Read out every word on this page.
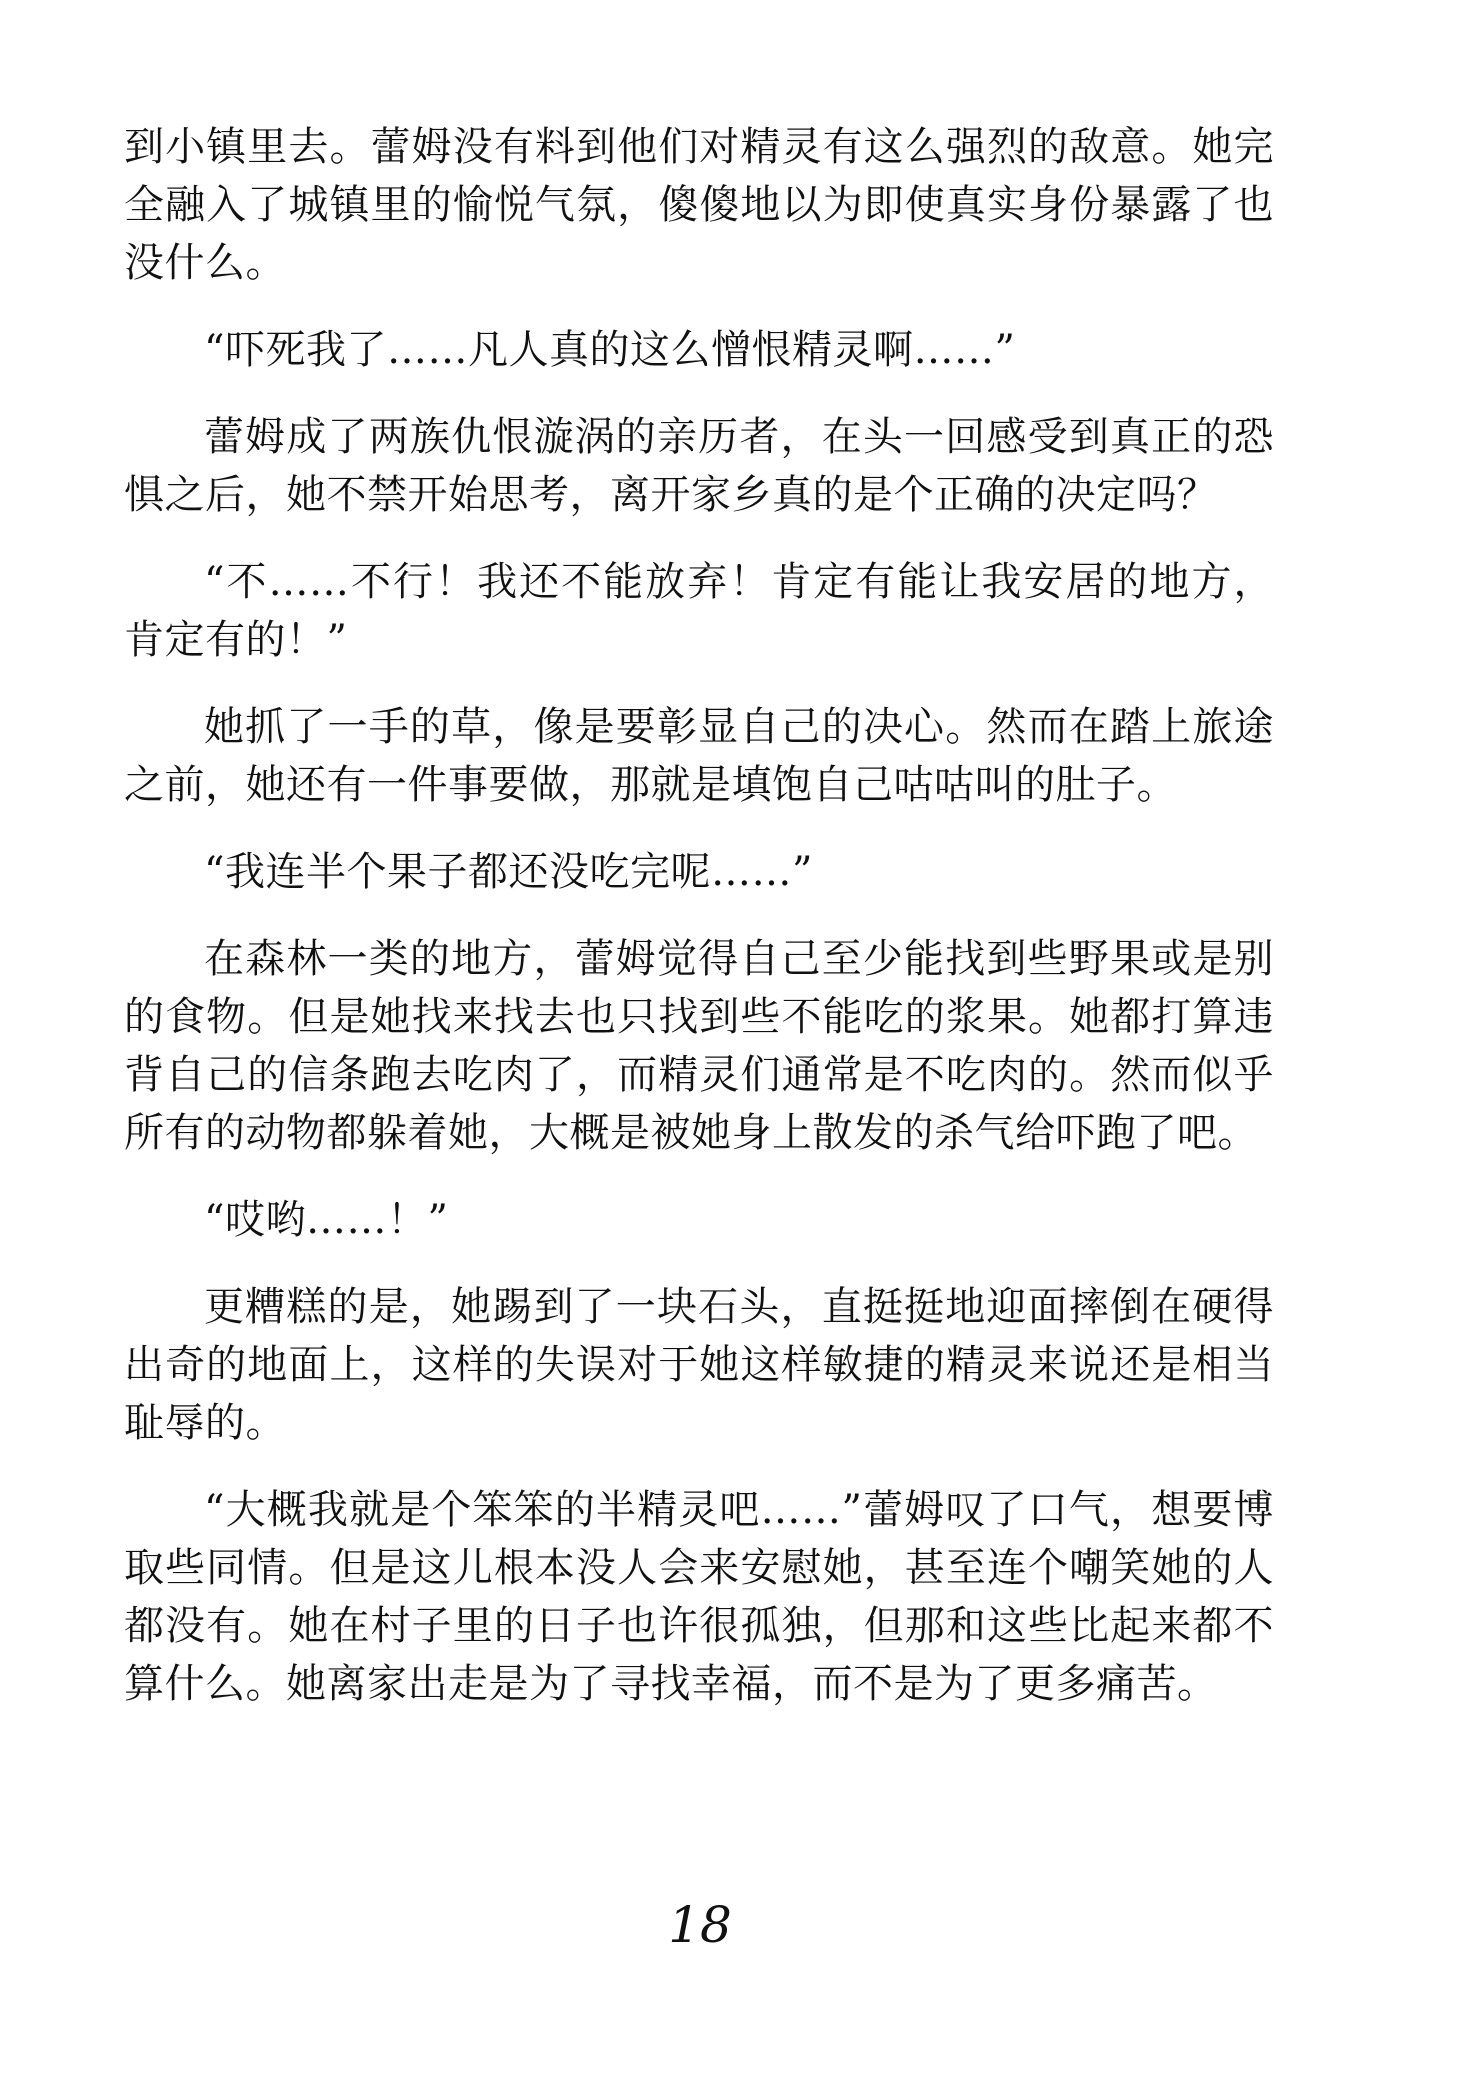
到小镇里去。蕾姆没有料到他们对精灵有这么强烈的敌意。她完全融入了城镇里的愉悦气氛，傻傻地以为即使真实身份暴露了也没什么。

“吓死我了……凡人真的这么憎恨精灵啊……”

蕾姆成了两族仇恨漩涡的亲历者，在头一回感受到真正的恐惧之后，她不禁开始思考，离开家乡真的是个正确的决定吗？

“不……不行！我还不能放弃！肯定有能让我安居的地方，肯定有的！”

她抓了一手的草，像是要彰显自己的决心。然而在踏上旅途之前，她还有一件事要做，那就是填饱自己咕咕叫的肚子。

“我连半个果子都还没吃完呢……”

在森林一类的地方，蕾姆觉得自己至少能找到些野果或是别的食物。但是她找来找去也只找到些不能吃的浆果。她都打算违背自己的信条跑去吃肉了，而精灵们通常是不吃肉的。然而似乎所有的动物都躲着她，大概是被她身上散发的杀气给吓跑了吧。

“哎哟……！”

更糟糕的是，她踢到了一块石头，直挺挺地迎面摔倒在硬得出奇的地面上，这样的失误对于她这样敏捷的精灵来说还是相当耻辱的。

“大概我就是个笨笨的半精灵吧……”蕾姆叹了口气，想要博取些同情。但是这儿根本没人会来安慰她，甚至连个嘲笑她的人都没有。她在村子里的日子也许很孤独，但那和这些比起来都不算什么。她离家出走是为了寻找幸福，而不是为了更多痛苦。

18
